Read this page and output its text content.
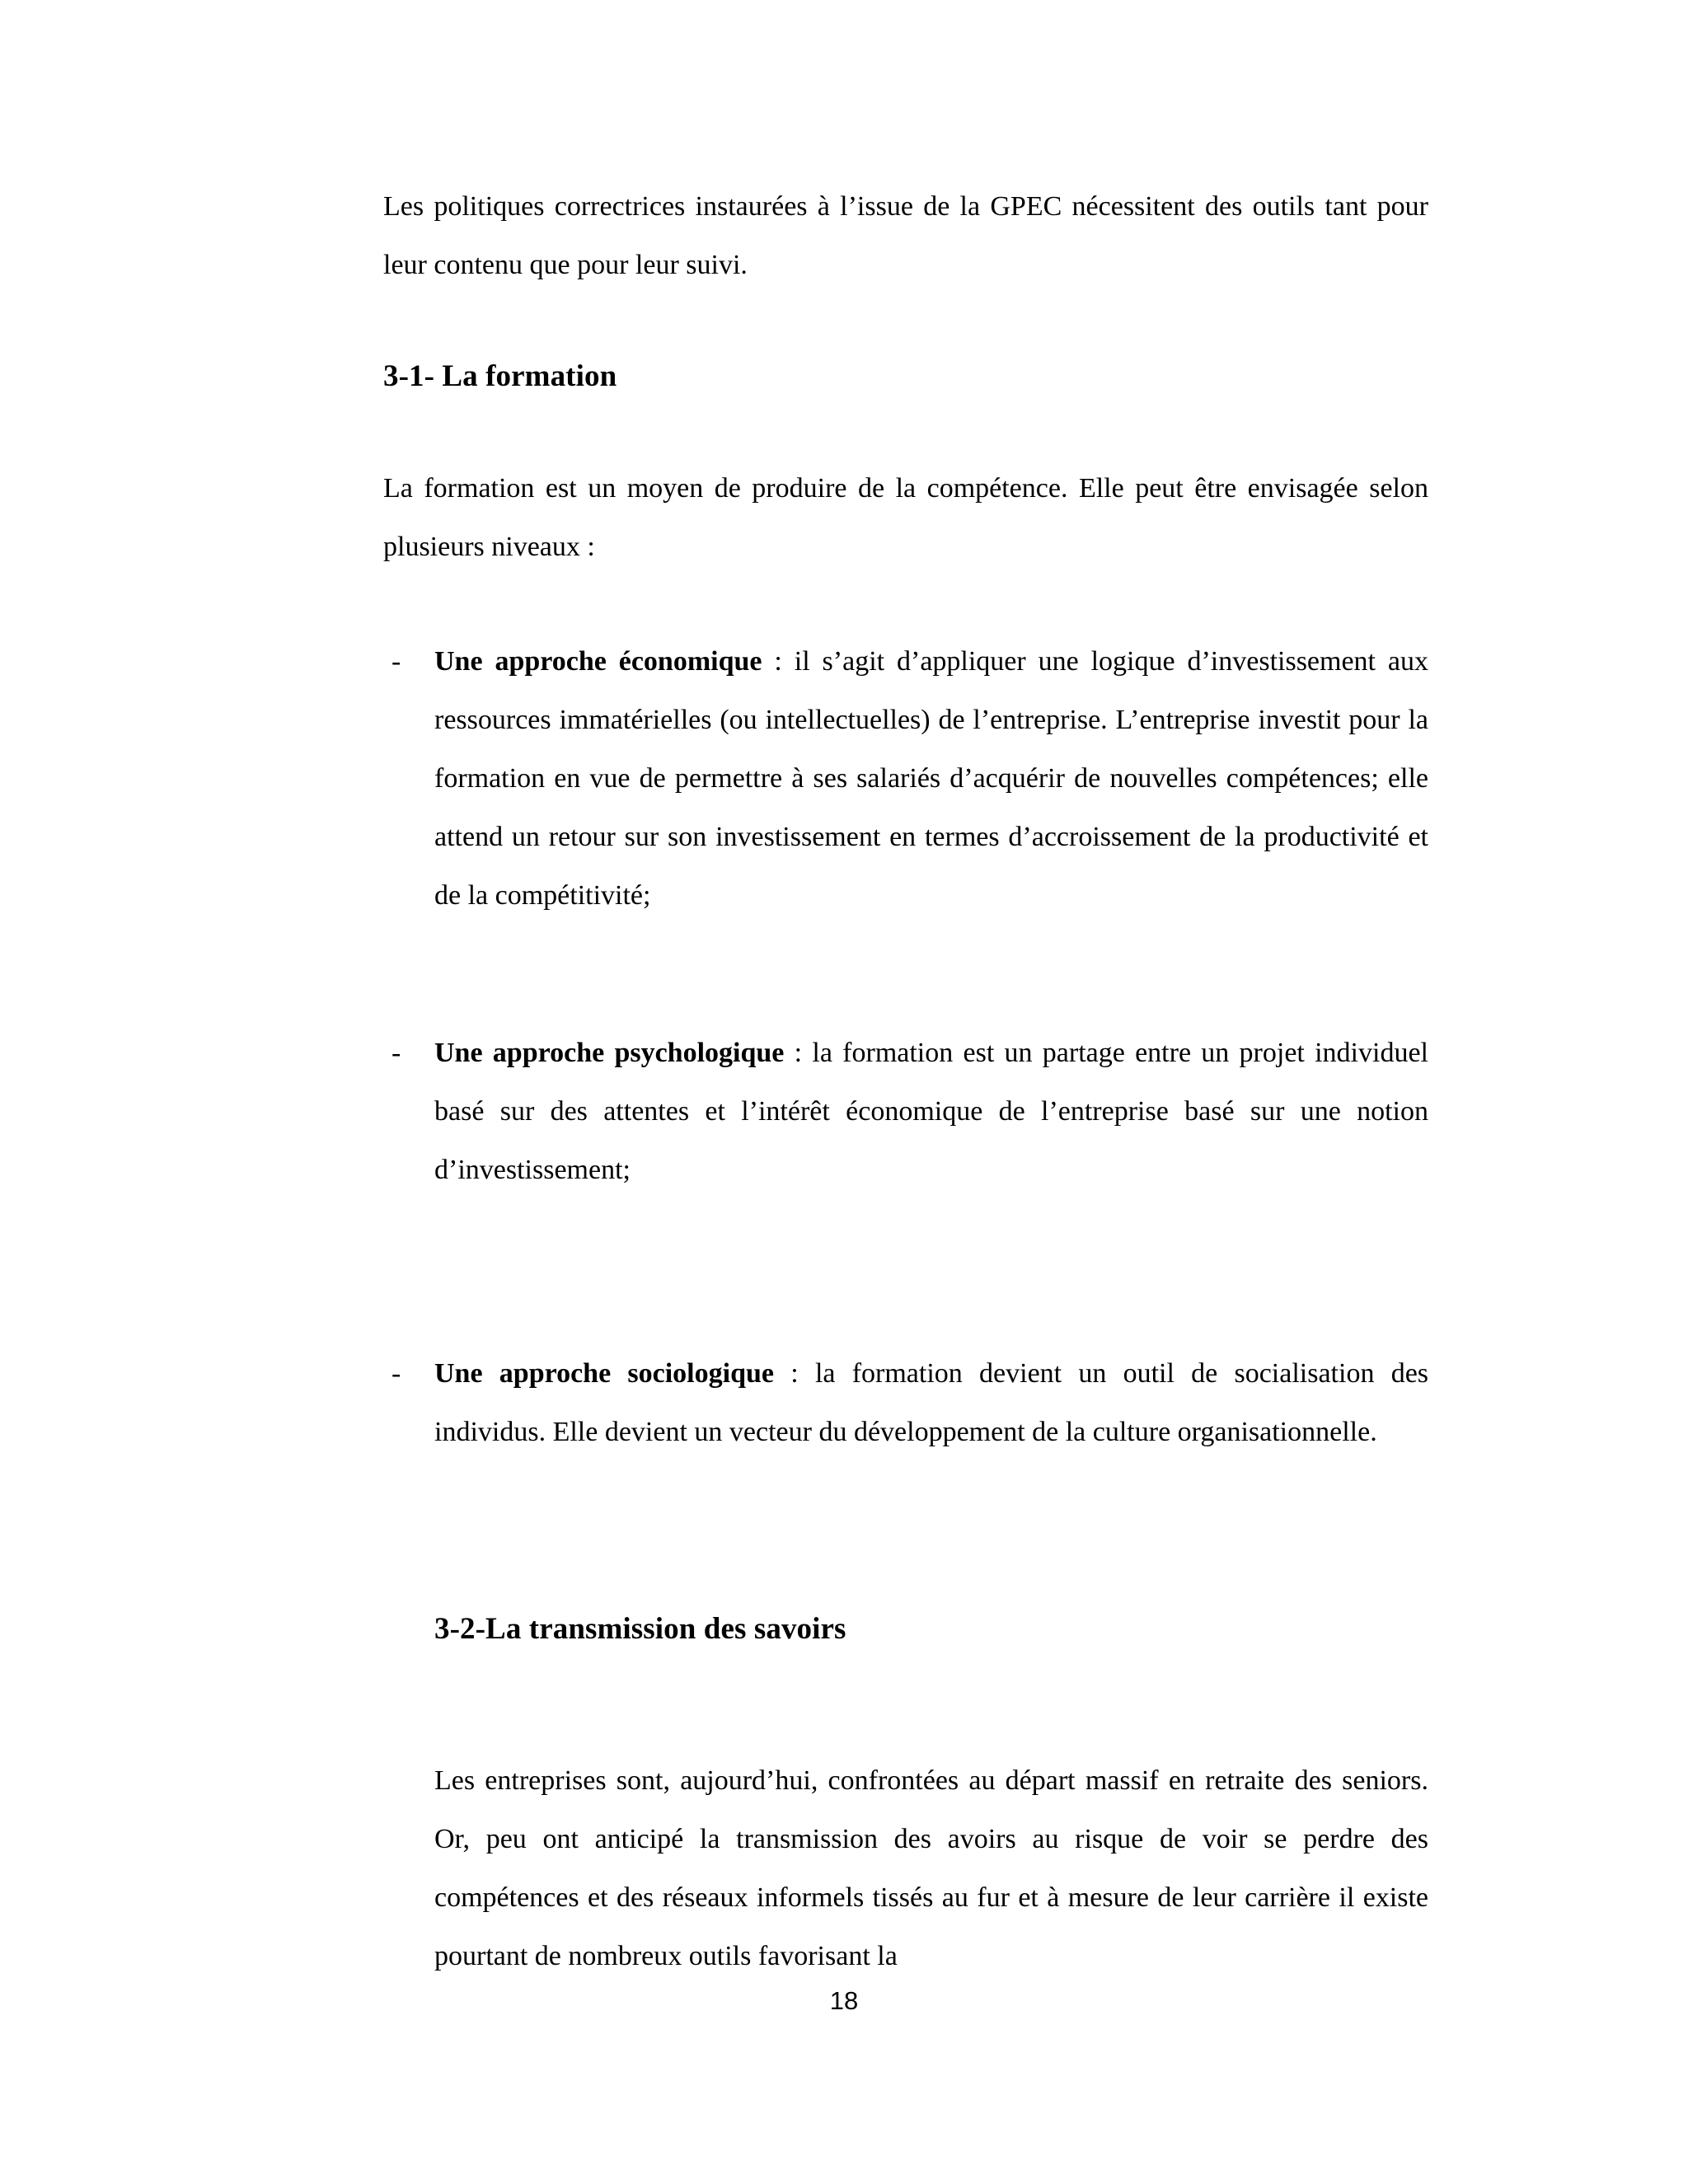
Les politiques correctrices instaurées à l’issue de la GPEC nécessitent des outils tant pour leur contenu que pour leur suivi.

3-1- La formation

La formation est un moyen de produire de la compétence. Elle peut être envisagée selon plusieurs niveaux :

-	Une approche économique : il s’agit d’appliquer une logique d’investissement aux ressources immatérielles (ou intellectuelles) de l’entreprise. L’entreprise investit pour la formation en vue de permettre à ses salariés d’acquérir de nouvelles compétences; elle attend un retour sur son investissement en termes d’accroissement de la productivité et de la compétitivité;
-	Une approche psychologique : la formation est un partage entre un projet individuel basé sur des attentes et l’intérêt économique de l’entreprise basé sur une notion d’investissement;
-	Une approche sociologique : la formation devient un outil de socialisation des individus. Elle devient un vecteur du développement de la culture organisationnelle.
3-2-La transmission des savoirs

Les entreprises sont, aujourd’hui, confrontées au départ massif en retraite des seniors. Or, peu ont anticipé la transmission des avoirs au risque de voir se perdre des compétences et des réseaux informels tissés au fur et à mesure de leur carrière il existe pourtant de nombreux outils favorisant la

18
